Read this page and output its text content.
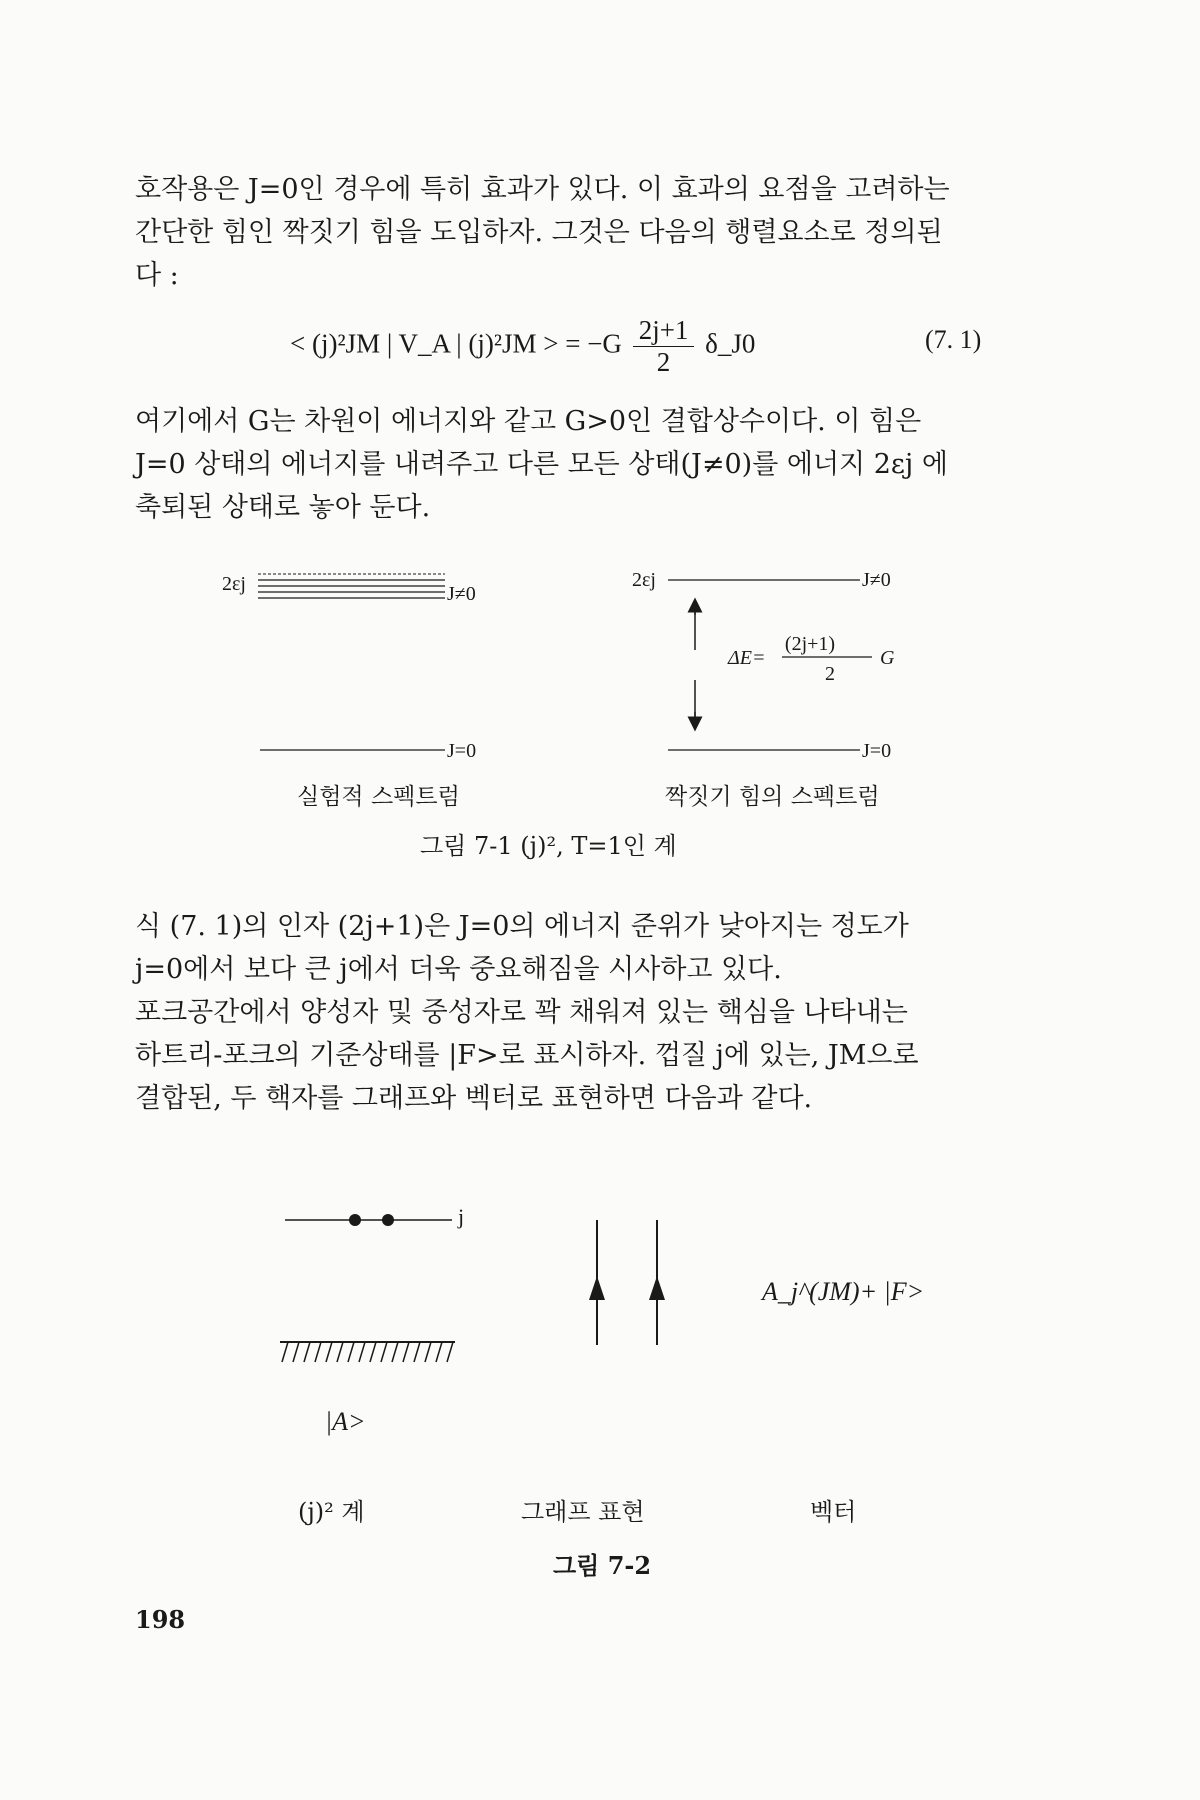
호작용은 J=0인 경우에 특히 효과가 있다. 이 효과의 요점을 고려하는
간단한 힘인 짝짓기 힘을 도입하자. 그것은 다음의 행렬요소로 정의된
다 :
< (j)²JM | V_A | (j)²JM > = $-G \frac{2j+1}{2}$ δ_J0	(7. 1)
여기에서 G는 차원이 에너지와 같고 G>0인 결합상수이다. 이 힘은
J=0 상태의 에너지를 내려주고 다른 모든 상태(J≠0)를 에너지 2εj 에
축퇴된 상태로 놓아 둔다.
2εj	J≠0
J=0
2εj	J≠0
ΔE=
(2j+1)
2
G
J=0
j
|A>
A_j^(JM)+ |F>
실험적 스펙트럼	짝짓기 힘의 스펙트럼
그림 7-1 (j)², T=1인 계
식 (7. 1)의 인자 (2j+1)은 J=0의 에너지 준위가 낮아지는 정도가
j=0에서 보다 큰 j에서 더욱 중요해짐을 시사하고 있다.
포크공간에서 양성자 및 중성자로 꽉 채워져 있는 핵심을 나타내는
하트리-포크의 기준상태를 |F>로 표시하자. 껍질 j에 있는, JM으로
결합된, 두 핵자를 그래프와 벡터로 표현하면 다음과 같다.
(j)² 계	그래프 표현	벡터
그림 7-2
198
